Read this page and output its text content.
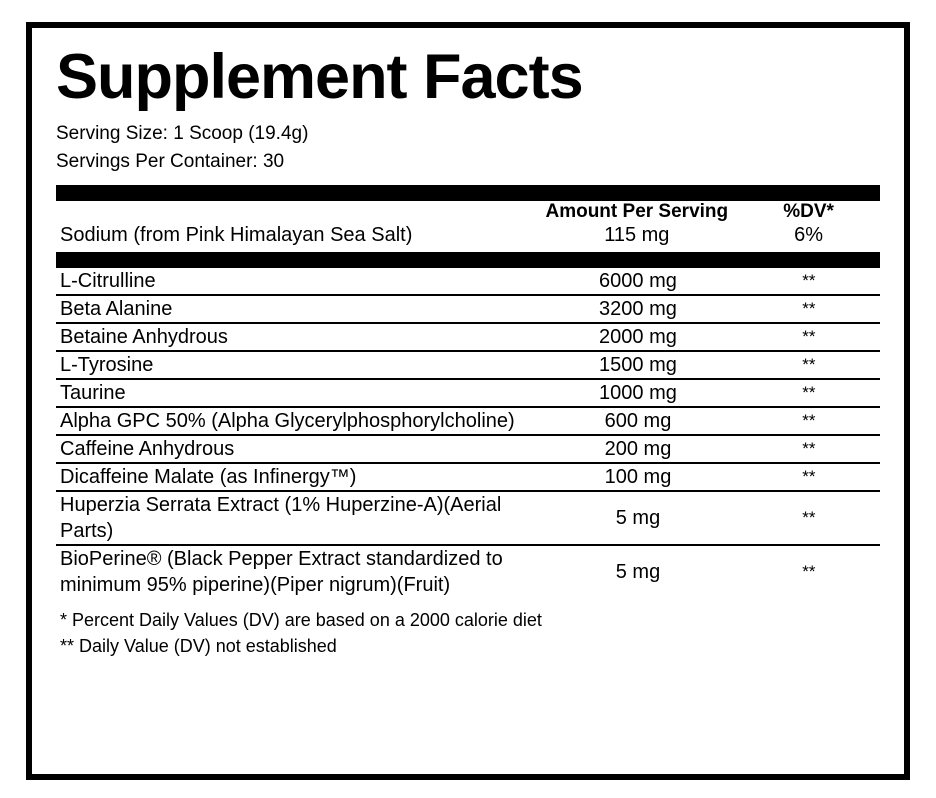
Supplement Facts
Serving Size: 1 Scoop (19.4g)
Servings Per Container: 30
	Amount Per Serving	%DV*
Sodium (from Pink Himalayan Sea Salt)	115 mg	6%
L-Citrulline	6000 mg	**
Beta Alanine	3200 mg	**
Betaine Anhydrous	2000 mg	**
L-Tyrosine	1500 mg	**
Taurine	1000 mg	**
Alpha GPC 50% (Alpha Glycerylphosphorylcholine)	600 mg	**
Caffeine Anhydrous	200 mg	**
Dicaffeine Malate (as Infinergy™)	100 mg	**
Huperzia Serrata Extract (1% Huperzine-A)(Aerial Parts)	5 mg	**
BioPerine® (Black Pepper Extract standardized to minimum 95% piperine)(Piper nigrum)(Fruit)	5 mg	**
* Percent Daily Values (DV) are based on a 2000 calorie diet
** Daily Value (DV) not established
